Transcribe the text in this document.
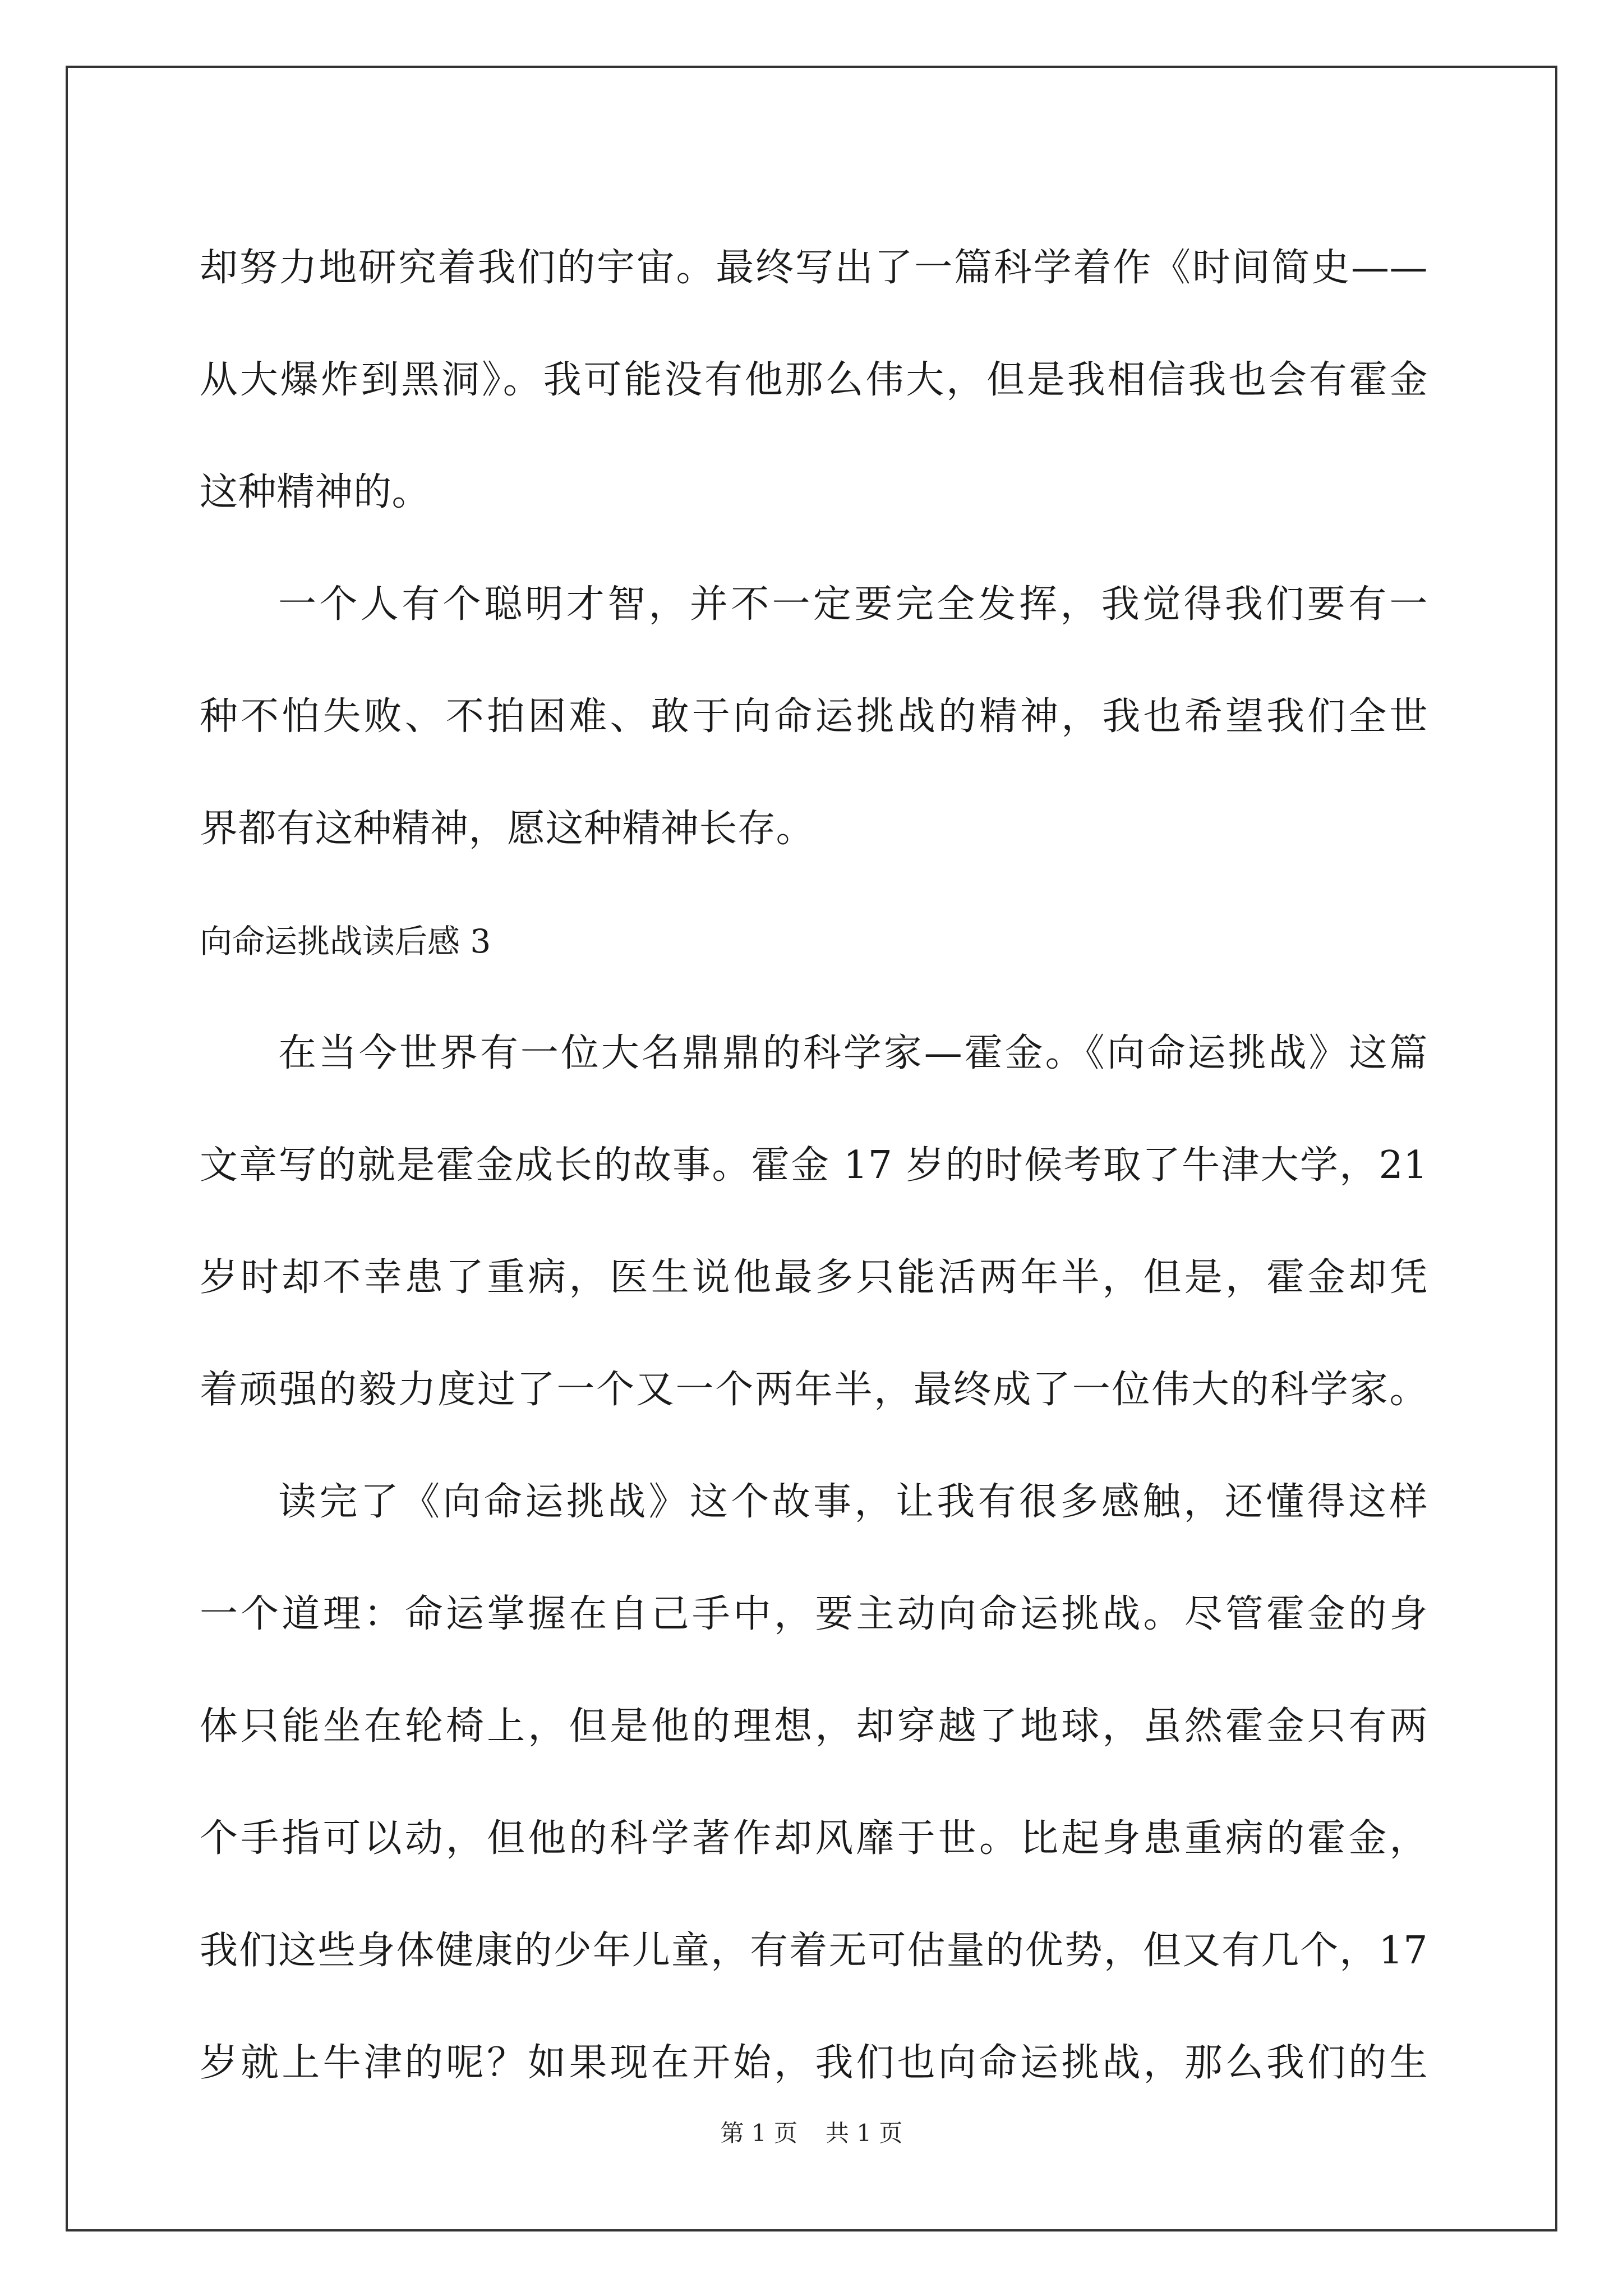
却努力地研究着我们的宇宙。最终写出了一篇科学着作《时间简史——
从大爆炸到黑洞》。我可能没有他那么伟大，但是我相信我也会有霍金
这种精神的。
一个人有个聪明才智，并不一定要完全发挥，我觉得我们要有一
种不怕失败、不拍困难、敢于向命运挑战的精神，我也希望我们全世
界都有这种精神，愿这种精神长存。
向命运挑战读后感 3
在当今世界有一位大名鼎鼎的科学家—霍金。《向命运挑战》这篇
文章写的就是霍金成长的故事。霍金 17 岁的时候考取了牛津大学，21
岁时却不幸患了重病，医生说他最多只能活两年半，但是，霍金却凭
着顽强的毅力度过了一个又一个两年半，最终成了一位伟大的科学家。
读完了《向命运挑战》这个故事，让我有很多感触，还懂得这样
一个道理：命运掌握在自己手中，要主动向命运挑战。尽管霍金的身
体只能坐在轮椅上，但是他的理想，却穿越了地球，虽然霍金只有两
个手指可以动，但他的科学著作却风靡于世。比起身患重病的霍金，
我们这些身体健康的少年儿童，有着无可估量的优势，但又有几个，17
岁就上牛津的呢？如果现在开始，我们也向命运挑战，那么我们的生
第 1 页 共 1 页
